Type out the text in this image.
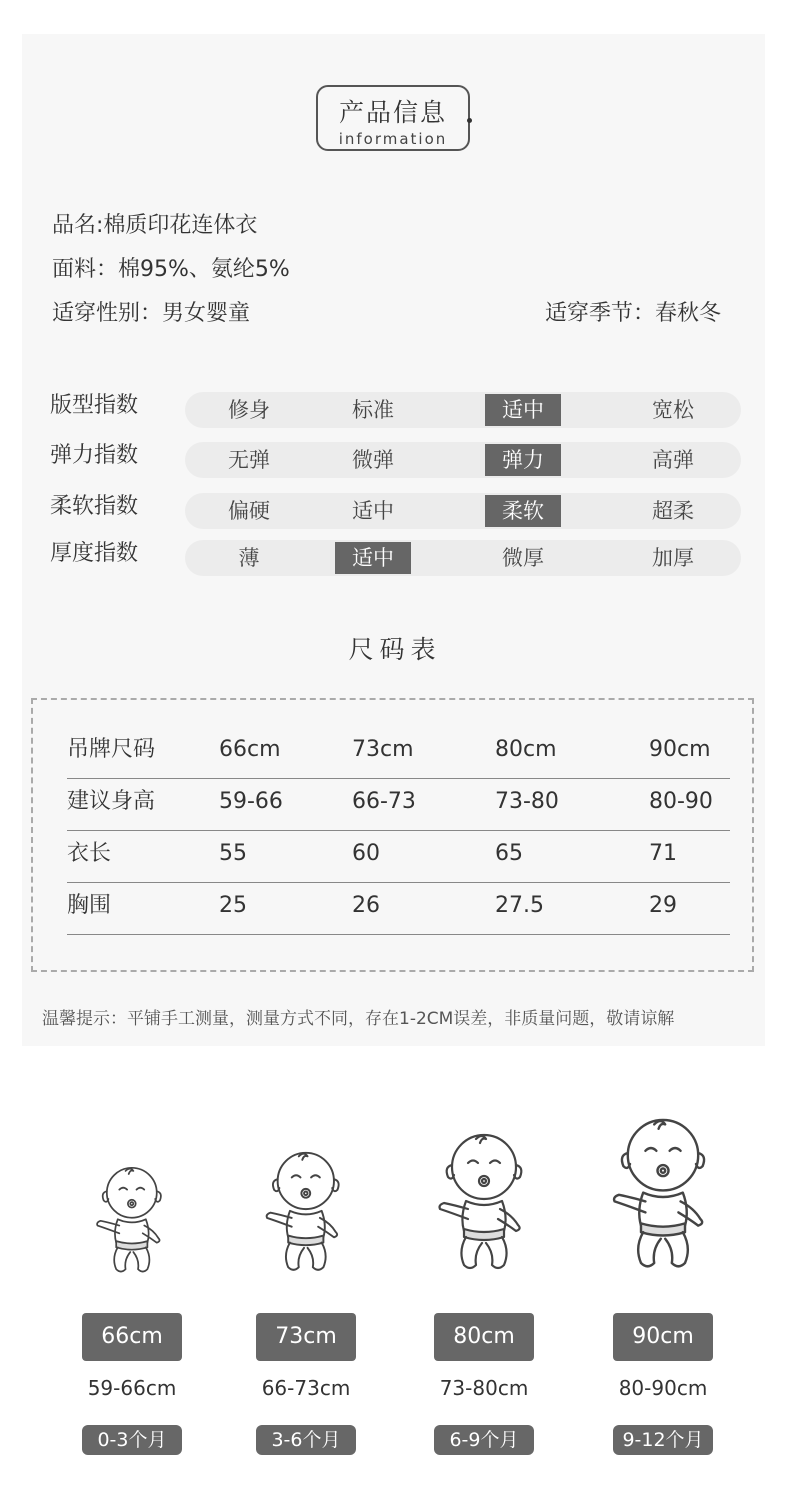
产品信息
information
品名:棉质印花连体衣
面料：棉95%、氨纶5%
适穿性别：男女婴童	适穿季节：春秋冬
版型指数	修身	标准	适中	宽松
弹力指数	无弹	微弹	弹力	高弹
柔软指数	偏硬	适中	柔软	超柔
厚度指数	薄	适中	微厚	加厚
尺码表
吊牌尺码	66cm	73cm	80cm	90cm
建议身高	59-66	66-73	73-80	80-90
衣长	55	60	65	71
胸围	25	26	27.5	29
温馨提示：平铺手工测量，测量方式不同，存在1-2CM误差，非质量问题，敬请谅解
66cm
59-66cm
0-3个月
73cm
66-73cm
3-6个月
80cm
73-80cm
6-9个月
90cm
80-90cm
9-12个月
